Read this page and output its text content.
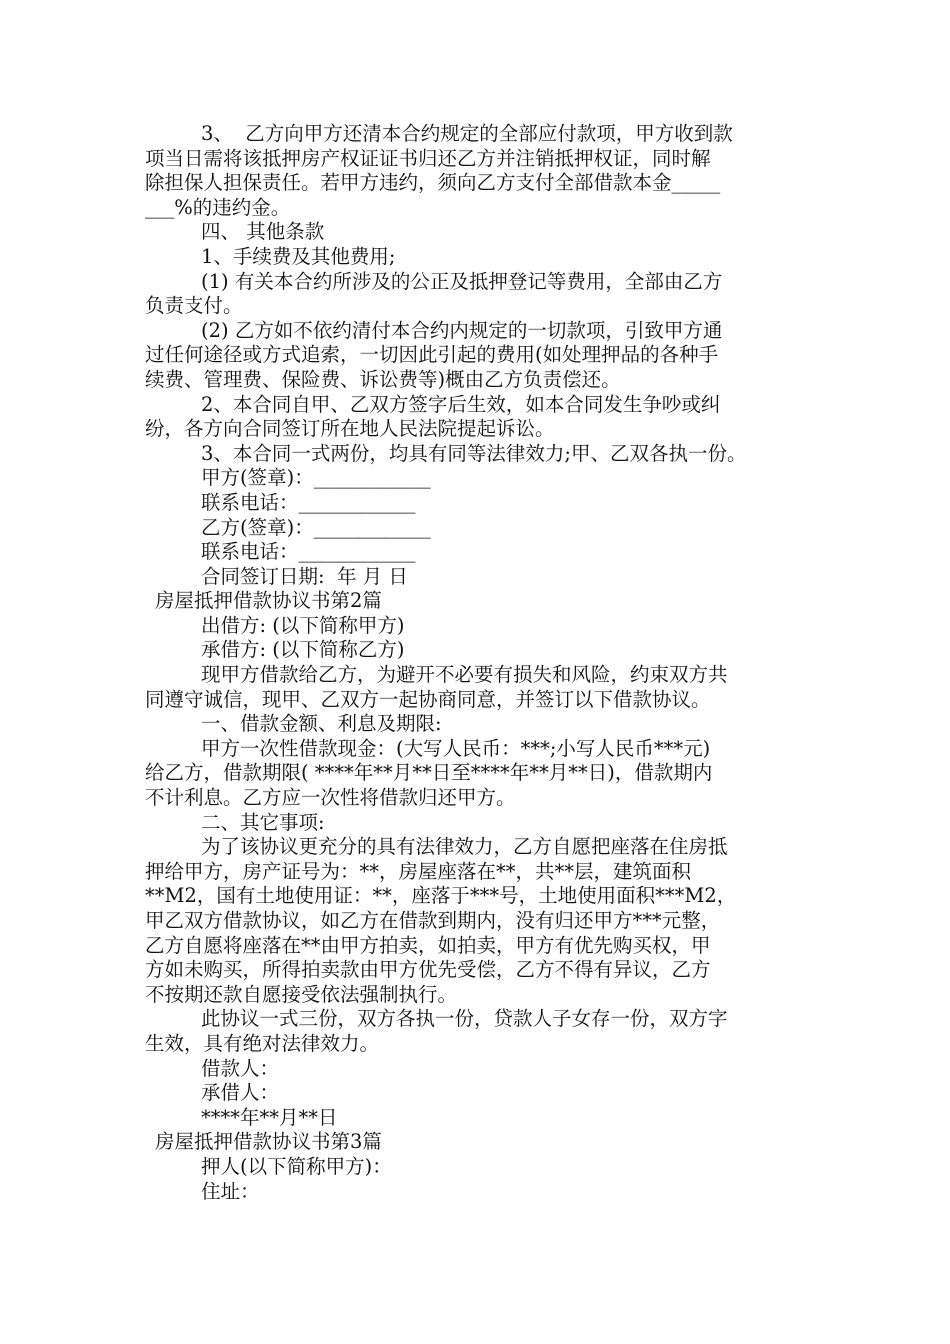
3、  乙方向甲方还清本合约规定的全部应付款项，甲方收到款
项当日需将该抵押房产权证证书归还乙方并注销抵押权证，同时解
除担保人担保责任。若甲方违约，须向乙方支付全部借款本金_____
___%的违约金。
四、 其他条款
1、手续费及其他费用;
(1) 有关本合约所涉及的公正及抵押登记等费用，全部由乙方
负责支付。
(2) 乙方如不依约清付本合约内规定的一切款项，引致甲方通
过任何途径或方式追索，一切因此引起的费用(如处理押品的各种手
续费、管理费、保险费、诉讼费等)概由乙方负责偿还。
2、本合同自甲、乙双方签字后生效，如本合同发生争吵或纠
纷，各方向合同签订所在地人民法院提起诉讼。
3、本合同一式两份，均具有同等法律效力;甲、乙双各执一份。
甲方(签章)：____________
联系电话：____________
乙方(签章)：____________
联系电话：____________
合同签订日期:  年 月 日
房屋抵押借款协议书第2篇
出借方: (以下简称甲方)
承借方: (以下简称乙方)
现甲方借款给乙方，为避开不必要有损失和风险，约束双方共
同遵守诚信，现甲、乙双方一起协商同意，并签订以下借款协议。
一、借款金额、利息及期限:
甲方一次性借款现金：(大写人民币：***;小写人民币***元)
给乙方，借款期限( ****年**月**日至****年**月**日)，借款期内
不计利息。乙方应一次性将借款归还甲方。
二、其它事项:
为了该协议更充分的具有法律效力，乙方自愿把座落在住房抵
押给甲方，房产证号为：**，房屋座落在**，共**层，建筑面积
**M2，国有土地使用证：**，座落于***号，土地使用面积***M2，
甲乙双方借款协议，如乙方在借款到期内，没有归还甲方***元整，
乙方自愿将座落在**由甲方拍卖，如拍卖，甲方有优先购买权，甲
方如未购买，所得拍卖款由甲方优先受偿，乙方不得有异议，乙方
不按期还款自愿接受依法强制执行。
此协议一式三份，双方各执一份，贷款人子女存一份，双方字
生效，具有绝对法律效力。
借款人：
承借人：
****年**月**日
房屋抵押借款协议书第3篇
押人(以下简称甲方)：
住址：
